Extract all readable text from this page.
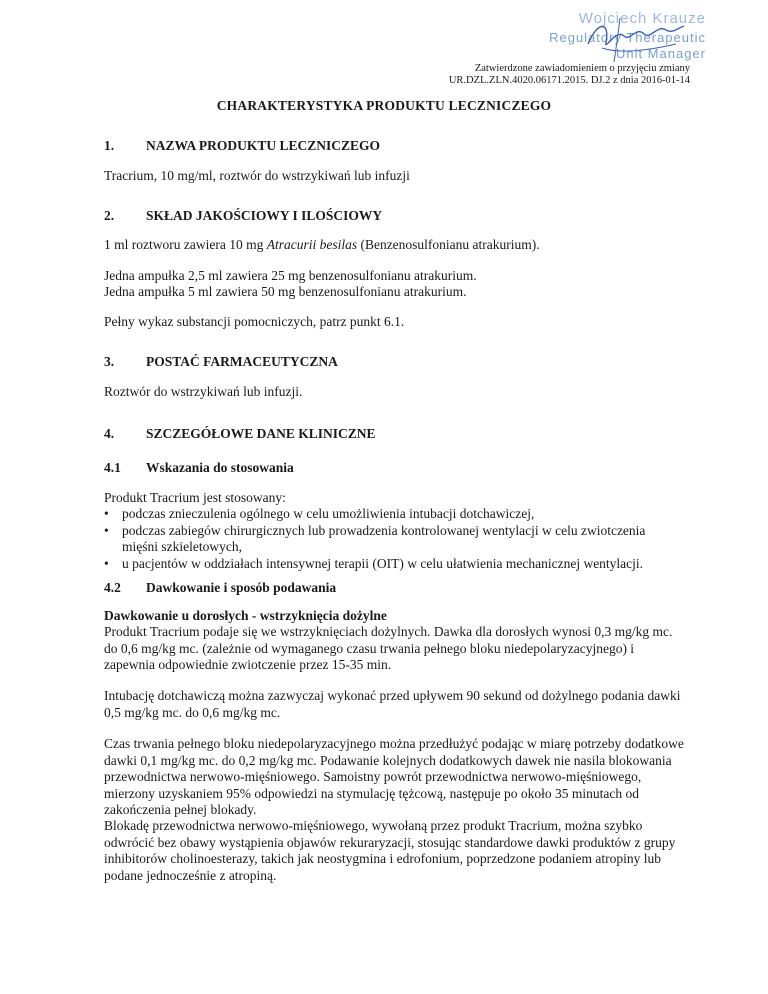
Wojciech Krauze
Regulatory Therapeutic
Unit Manager
Zatwierdzone zawiadomieniem o przyjęciu zmiany
UR.DZL.ZLN.4020.06171.2015. DJ.2 z dnia 2016-01-14
CHARAKTERYSTYKA PRODUKTU LECZNICZEGO
1. NAZWA PRODUKTU LECZNICZEGO
Tracrium, 10 mg/ml, roztwór do wstrzykiwań lub infuzji
2. SKŁAD JAKOŚCIOWY I ILOŚCIOWY
1 ml roztworu zawiera 10 mg Atracurii besilas (Benzenosulfonianu atrakurium).
Jedna ampułka 2,5 ml zawiera 25 mg benzenosulfonianu atrakurium.
Jedna ampułka 5 ml zawiera 50 mg benzenosulfonianu atrakurium.
Pełny wykaz substancji pomocniczych, patrz punkt 6.1.
3. POSTAĆ FARMACEUTYCZNA
Roztwór do wstrzykiwań lub infuzji.
4. SZCZEGÓŁOWE DANE KLINICZNE
4.1 Wskazania do stosowania
Produkt Tracrium jest stosowany:
• podczas znieczulenia ogólnego w celu umożliwienia intubacji dotchawiczej,
• podczas zabiegów chirurgicznych lub prowadzenia kontrolowanej wentylacji w celu zwiotczenia mięśni szkieletowych,
• u pacjentów w oddziałach intensywnej terapii (OIT) w celu ułatwienia mechanicznej wentylacji.
4.2 Dawkowanie i sposób podawania
Dawkowanie u dorosłych - wstrzyknięcia dożylne
Produkt Tracrium podaje się we wstrzyknięciach dożylnych. Dawka dla dorosłych wynosi 0,3 mg/kg mc. do 0,6 mg/kg mc. (zależnie od wymaganego czasu trwania pełnego bloku niedepolaryzacyjnego) i zapewnia odpowiednie zwiotczenie przez 15-35 min.
Intubację dotchawiczą można zazwyczaj wykonać przed upływem 90 sekund od dożylnego podania dawki 0,5 mg/kg mc. do 0,6 mg/kg mc.
Czas trwania pełnego bloku niedepolaryzacyjnego można przedłużyć podając w miarę potrzeby dodatkowe dawki 0,1 mg/kg mc. do 0,2 mg/kg mc. Podawanie kolejnych dodatkowych dawek nie nasila blokowania przewodnictwa nerwowo-mięśniowego. Samoistny powrót przewodnictwa nerwowo-mięśniowego, mierzony uzyskaniem 95% odpowiedzi na stymulację tężcową, następuje po około 35 minutach od zakończenia pełnej blokady.
Blokadę przewodnictwa nerwowo-mięśniowego, wywołaną przez produkt Tracrium, można szybko odwrócić bez obawy wystąpienia objawów rekuraryzacji, stosując standardowe dawki produktów z grupy inhibitorów cholinoesterazy, takich jak neostygmina i edrofonium, poprzedzone podaniem atropiny lub podane jednocześnie z atropiną.
